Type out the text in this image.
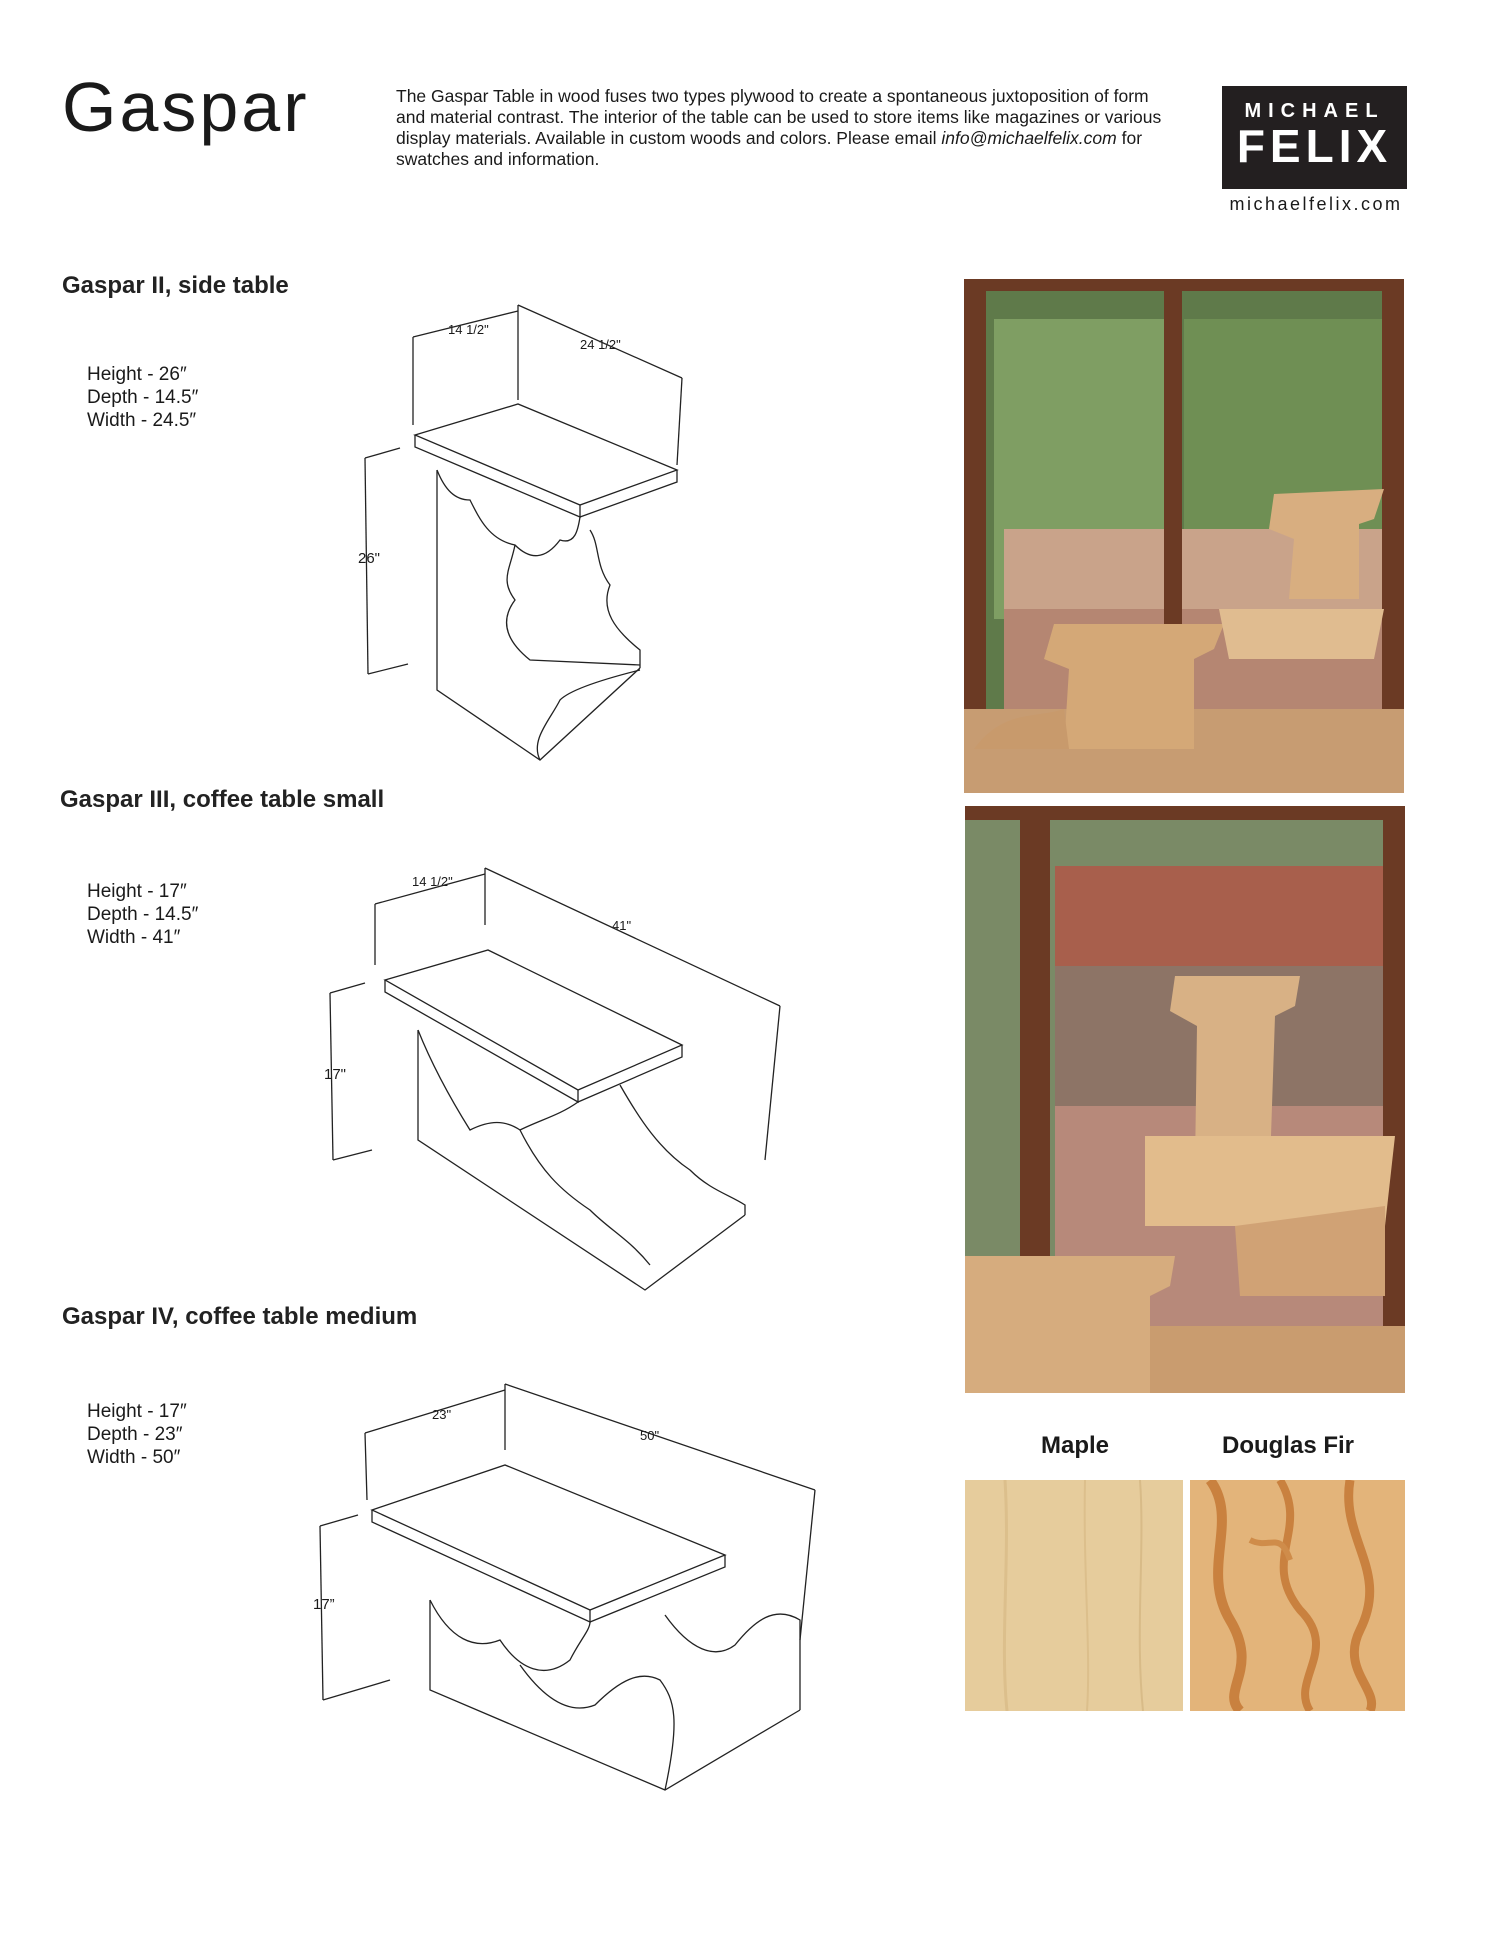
Gaspar	The Gaspar Table in wood fuses two types plywood to create a spontaneous juxtoposition of form and material contrast. The interior of the table can be used to store items like magazines or various display materials. Available in custom woods and colors. Please email info@michaelfelix.com for swatches and information.
MICHAEL
FELIX
michaelfelix.com
Gaspar II, side table
Height - 26″
Depth - 14.5″
Width - 24.5″
Gaspar III, coffee table small
Height - 17″
Depth - 14.5″
Width - 41″
Gaspar IV, coffee table medium
Height - 17″
Depth - 23″
Width - 50″
14 1/2"
24 1/2"
26"
14 1/2"
41"
17"
23"
50"
17”
Maple	Douglas Fir
